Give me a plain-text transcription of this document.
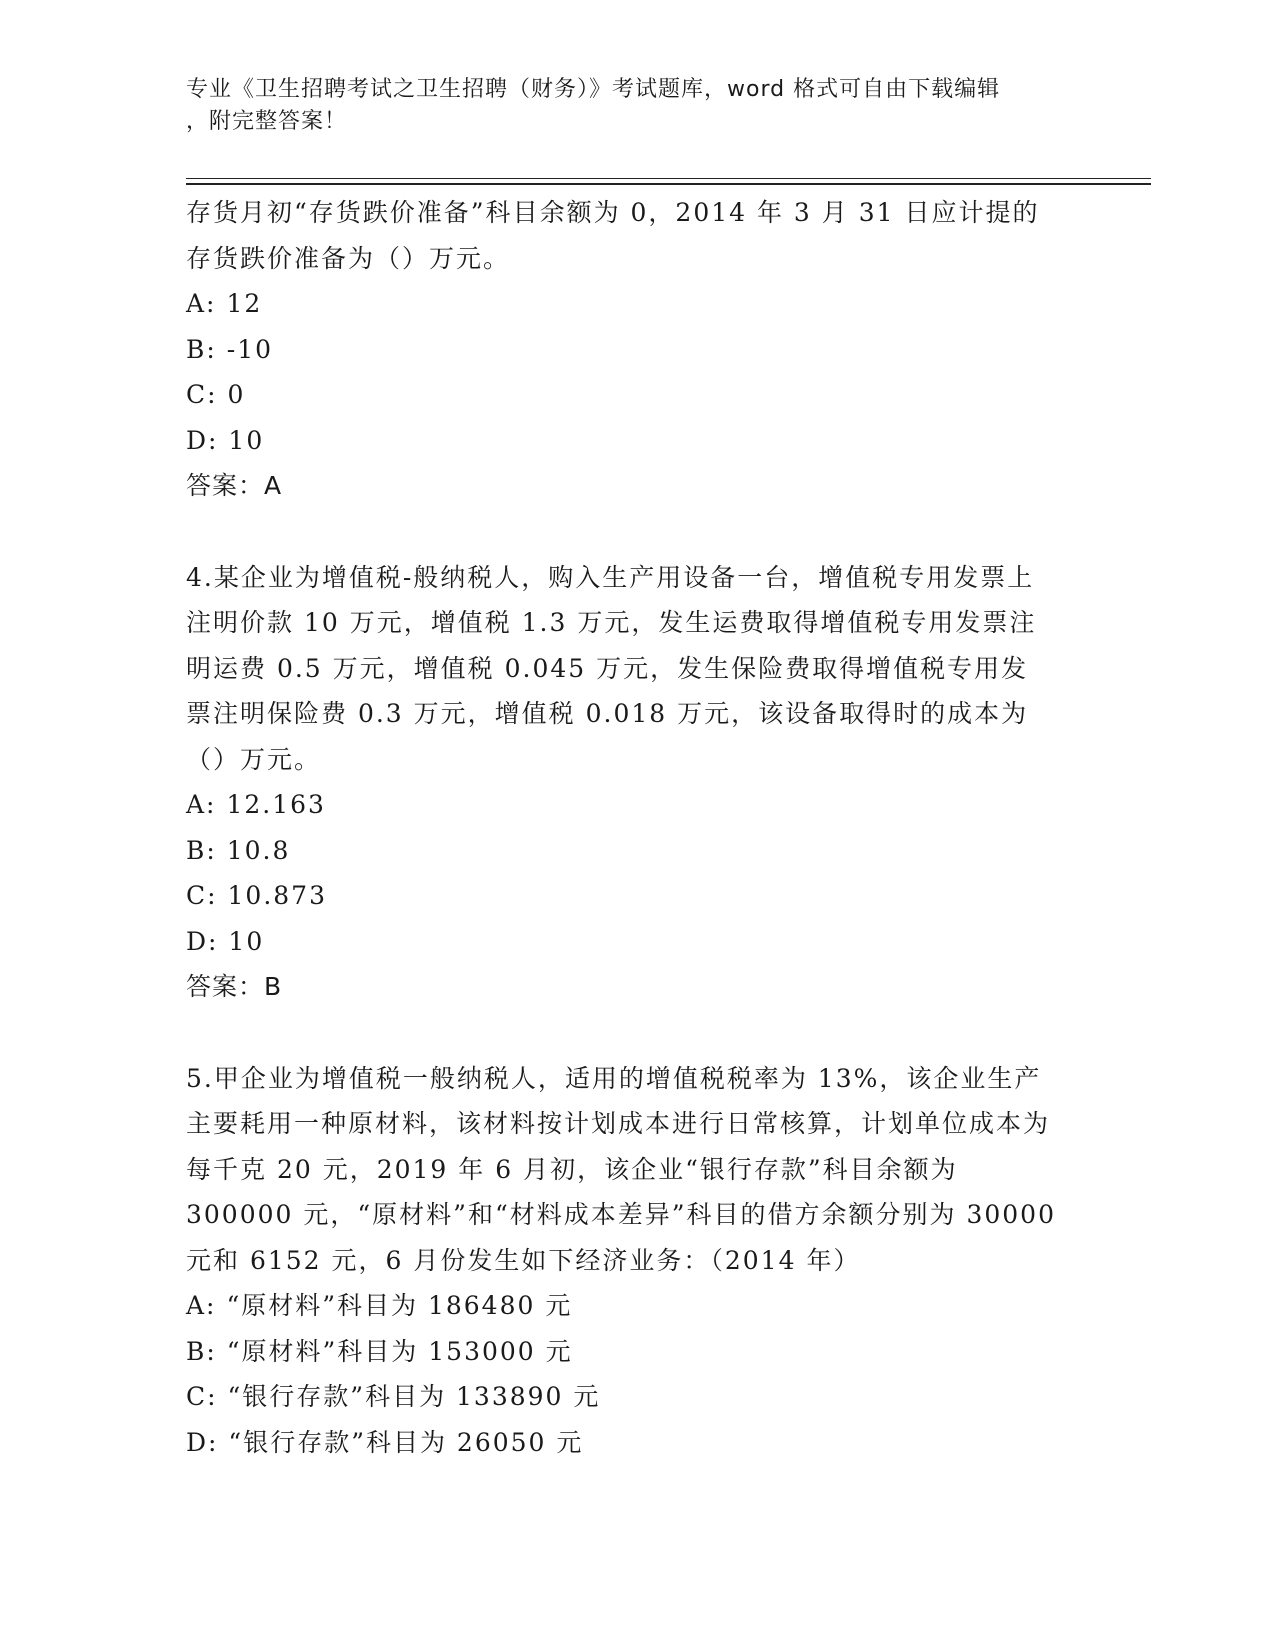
专业《卫生招聘考试之卫生招聘（财务）》考试题库，word 格式可自由下载编辑
，附完整答案！
存货月初“存货跌价准备”科目余额为 0，2014 年 3 月 31 日应计提的存货跌价准备为（）万元。
A: 12
B: -10
C: 0
D: 10
答案：A
4.某企业为增值税-般纳税人，购入生产用设备一台，增值税专用发票上注明价款 10 万元，增值税 1.3 万元，发生运费取得增值税专用发票注明运费 0.5 万元，增值税 0.045 万元，发生保险费取得增值税专用发票注明保险费 0.3 万元，增值税 0.018 万元，该设备取得时的成本为（）万元。
A: 12.163
B: 10.8
C: 10.873
D: 10
答案：B
5.甲企业为增值税一般纳税人，适用的增值税税率为 13%，该企业生产主要耗用一种原材料，该材料按计划成本进行日常核算，计划单位成本为每千克 20 元，2019 年 6 月初，该企业“银行存款”科目余额为 300000 元，“原材料”和“材料成本差异”科目的借方余额分别为 30000 元和 6152 元，6 月份发生如下经济业务：（2014 年）
A: “原材料”科目为 186480 元
B: “原材料”科目为 153000 元
C: “银行存款”科目为 133890 元
D: “银行存款”科目为 26050 元
